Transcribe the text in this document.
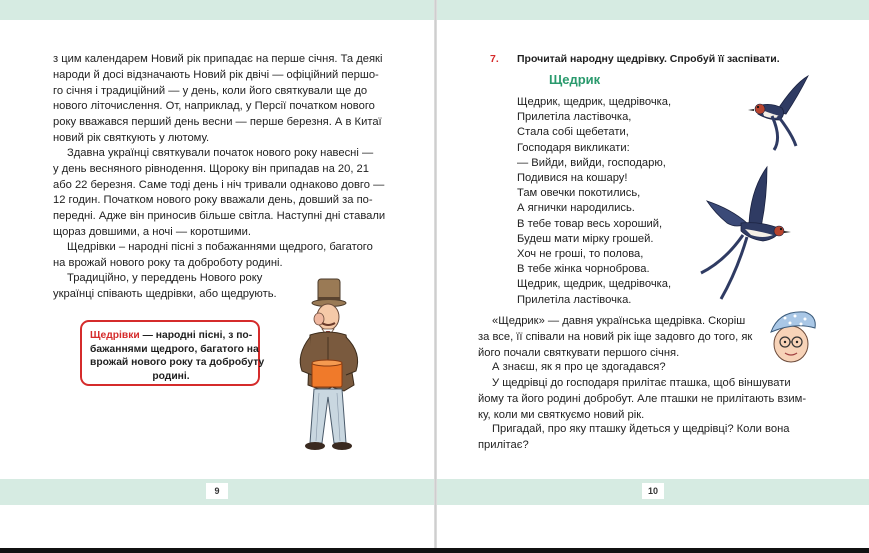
з цим календарем Новий рік припадає на перше січня. Та деякі
народи й досі відзначають Новий рік двічі — офіційний першо-
го січня і традиційний — у день, коли його святкували ще до
нового літочислення. От, наприклад, у Персії початком нового
року вважався перший день весни — перше березня. А в Китаї
новий рік святкують у лютому.

Здавна українці святкували початок нового року навесні —
у день весняного рівнодення. Щороку він припадав на 20, 21
або 22 березня. Саме тоді день і ніч тривали однаково довго —
12 годин. Початком нового року вважали день, довший за по-
передні. Адже він приносив більше світла. Наступні дні ставали
щораз довшими, а ночі — коротшими.

Щедрівки – народні пісні з побажаннями щедрого, багатого
на врожай нового року та доброботу родині.

Традиційно, у переддень Нового року
українці співають щедрівки, або щедрують.

Щедрівки — народні пісні, з по-
бажаннями щедрого, багатого на
врожай нового року та добробуту
родині.
9
7. Прочитай народну щедрівку. Спробуй її заспівати.
Щедрик
Щедрик, щедрик, щедрівочка,
Прилетіла ластівочка,
Стала собі щебетати,
Господаря викликати:
— Вийди, вийди, господарю,
Подивися на кошару!
Там овечки покотились,
А ягнички народились.
В тебе товар весь хороший,
Будеш мати мірку грошей.
Хоч не гроші, то полова,
В тебе жінка чорноброва.
Щедрик, щедрик, щедрівочка,
Прилетіла ластівочка.

«Щедрик» — давня українська щедрівка. Скоріш
за все, її співали на новий рік іще задовго до того, як
його почали святкувати першого січня.

А знаєш, як я про це здогадався?

У щедрівці до господаря прилітає пташка, щоб віншувати
йому та його родині добробут. Але пташки не прилітають взим-
ку, коли ми святкуємо новий рік.

Пригадай, про яку пташку йдеться у щедрівці? Коли вона
прилітає?

10
